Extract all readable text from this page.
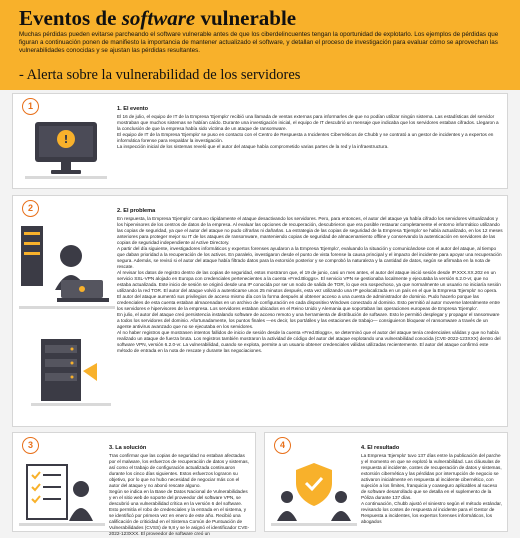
Eventos de software vulnerable
Muchas pérdidas pueden evitarse parcheando el software vulnerable antes de que los ciberdelincuentes tengan la oportunidad de explotarlo. Los ejemplos de pérdidas que figuran a continuación ponen de manifiesto la importancia de mantener actualizado el software, y detallan el proceso de investigación para evaluar cómo se aprovechan las vulnerabilidades conocidas y se ajustan las pérdidas resultantes.
- Alerta sobre la vulnerabilidad de los servidores
1
!
1. El evento

El 16 de julio, el equipo de IT de la Empresa 'Ejemplo' recibió una llamada de ventas externas para informarles de que no podían utilizar ningún sistema. Las estadísticas del servidor mostraban que muchos sistemas se habían caído. Durante una investigación inicial, el equipo de IT descubrió un mensaje que indicaba que los servidores estaban cifrados. Llegaron a la conclusión de que la empresa había sido víctima de un ataque de ransomware.

El equipo de IT de la Empresa 'Ejemplo' se puso en contacto con el Centro de Respuesta a Incidentes Cibernéticos de Chubb y se contrató a un gestor de incidentes y a expertos en informática forense para respaldar la investigación.

La inspección inicial de los sistemas reveló que el autor del ataque había comprometido varias partes de la red y la infraestructura.

2	2. El problema

En respuesta, la Empresa 'Ejemplo' contuvo rápidamente el ataque desactivando los servidores. Pero, para entonces, el autor del ataque ya había cifrado los servidores virtualizados y los hipervisores de los centros de datos de la empresa. Al evaluar las opciones de recuperación, descubrieron que era posible restaurar completamente el entorno informático utilizando las copias de seguridad, ya que el autor del ataque no pudo cifrarlas ni dañarlas. La estrategia de las copias de seguridad de la Empresa 'Ejemplo' se había actualizado, en los 12 meses anteriores para proteger mejor su IT de los ataques de ransomware, manteniendo copias de seguridad de almacenamiento offline y conservando la autenticación en servidores de las copias de seguridad independiente al Active Directory.

A partir del día siguiente, investigadores informáticos y expertos forenses ayudaron a la Empresa 'Ejemplo', evaluando la situación y comunicándose con el autor del ataque, al tiempo que daban prioridad a la recuperación de los activos. En paralelo, investigaron desde el punto de vista forense la causa principal y el impacto del incidente para apoyar una recuperación segura. Además, se revisó si el autor del ataque había filtrado datos para la extorsión posterior y se comprobó la naturaleza y la cantidad de datos, según se afirmaba en la nota de rescate.

Al revisar los datos de registro dentro de las copias de seguridad, estos mostraron que, el 19 de junio, casi un mes antes, el autor del ataque inició sesión desde IP.XXX.XX.202 en un servicio SSL-VPN alojado en Europa con credenciales pertenecientes a la cuenta «Fred.Bloggs». El servicio VPN se gestionaba localmente y ejecutaba la versión 6.2.0-vr, que no estaba actualizada. Este inicio de sesión se originó desde una IP conocida por ser un nodo de salida de TOR, lo que era sospechoso, ya que normalmente un usuario no iniciaría sesión utilizando la red TOR. El autor del ataque volvió a autenticarse unos 25 minutos después, esta vez utilizando una IP geolocalizada en un país en el que la Empresa 'Ejemplo' no opera.

El autor del ataque aumentó sus privilegios de acceso mismo día con la forma después al obtener acceso a una cuenta de administrador de dominio. Pudo hacerlo porque las credenciales de esta cuenta estaban almacenadas en un archivo de configuración en cada dispositivo Windows conectado al dominio. Esto permitió al autor moverse lateralmente entre los servidores e hipervisores de la empresa. Los servidores estaban ubicados en el Reino Unido y Alemania que soportaban las operaciones europeas de Empresa 'Ejemplo'.

En julio, el autor del ataque creó persistencia instalando software de acceso remoto y una herramienta de distribución de software. Esto le permitió desplegar y propagar el ransomware a todos los servidores del dominio. Afortunadamente, los puntos finales —es decir, los portátiles y las estaciones de trabajo— consiguieron bloquear el ransomware a través de un agente antivirus avanzado que no se ejecutaba en los servidores.

Al no haber registros que mostrasen intentos fallidos de inicio de sesión desde la cuenta «Fred.Bloggs», se determinó que el autor del ataque tenía credenciales válidas y que no había realizado un ataque de fuerza bruta. Los registros también mostraron la actividad de código del autor del ataque explotando una vulnerabilidad conocida (CVE-2022-123XXX) dentro del software VPN, versión 6.2.0-vr. La vulnerabilidad, cuando se explota, permite a un usuario obtener credenciales válidas utilizadas recientemente. El autor del ataque confirmó este método de entrada en la nota de rescate y durante las negociaciones.

3	3. La solución

Tras confirmar que las copias de seguridad no estaban afectadas por el malware, los esfuerzos de recuperación de datos y sistemas, así como el trabajo de configuración actualizada continuaron durante los cinco días siguientes. Estos esfuerzos lograron su objetivo, por lo que no hubo necesidad de negociar más con el autor del ataque y no abonó rescate alguno.

Según se indica en la Base de Datos Nacional de Vulnerabilidades y en el sitio web de soporte del proveedor del software VPN, se descubrió una vulnerabilidad crítica en la versión 6 del software. Esto permitía el robo de credenciales y la entrada en el sistema, y se identificó por primera vez en enero de este año. Recibió una calificación de criticidad en el Sistema Común de Puntuación de Vulnerabilidades (CVSS) de 9,8 y se le asignó el identificador CVE-2022-123XXX. El proveedor de software creó un

4	4. El resultado

La Empresa 'Ejemplo' tuvo 137 días entre la publicación del parche y el momento en que se explotó la vulnerabilidad. Las cláusulas de respuesta al incidente, costes de recuperación de datos y sistemas, extorsión cibernética y las pérdidas por interrupción de negocio se activaron inicialmente en respuesta al incidente cibernético, con sujeción a los límites, franquicia y coaseguro aplicables al suceso de software desarrollado que se detalla en el suplemento de la Póliza durante 137 días.

A continuación, Chubb ajustó el siniestro según el método estándar, revisando los costes de respuesta al incidente para el Gestor de Respuesta a incidentes, los expertos forenses informáticos, los abogados
